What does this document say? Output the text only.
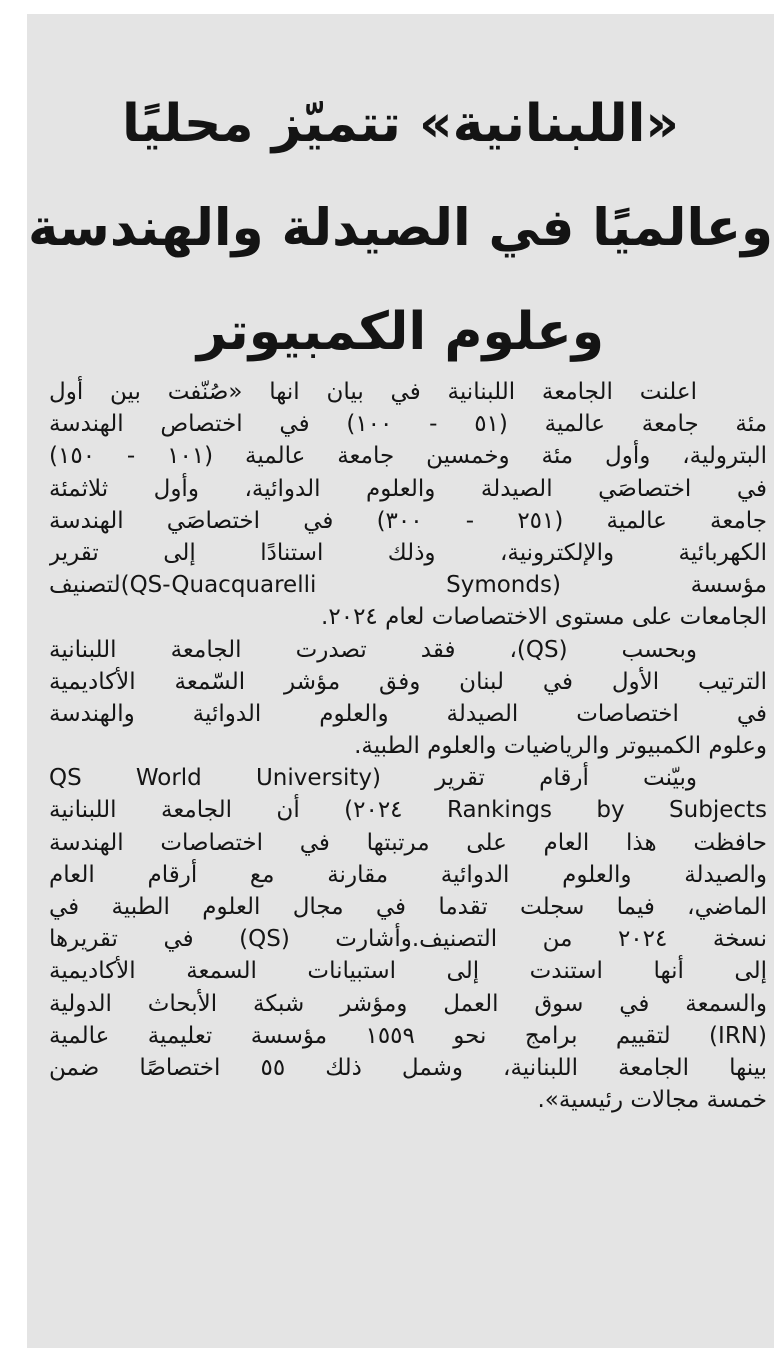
«اللبنانية» تتميّز محليًا
وعالميًا في الصيدلة والهندسة
وعلوم الكمبيوتر
اعلنت الجامعة اللبنانية في بيان انها «صُنّفت بين أول
مئة جامعة عالمية (٥١ - ١٠٠) في اختصاص الهندسة
البترولية، وأول مئة وخمسين جامعة عالمية (١٠١ - ١٥٠)
في اختصاصَي الصيدلة والعلوم الدوائية، وأول ثلاثمئة
جامعة عالمية (٢٥١ - ٣٠٠) في اختصاصَي الهندسة
الكهربائية والإلكترونية، وذلك استنادًا إلى تقرير
مؤسسة (QS-Quacquarelli Symonds)لتصنيف
الجامعات على مستوى الاختصاصات لعام ٢٠٢٤.
وبحسب (QS)، فقد تصدرت الجامعة اللبنانية
الترتيب الأول في لبنان وفق مؤشر السّمعة الأكاديمية
في اختصاصات الصيدلة والعلوم الدوائية والهندسة
وعلوم الكمبيوتر والرياضيات والعلوم الطبية.
وبيّنت أرقام تقرير (QS World University
Rankings by Subjects ٢٠٢٤) أن الجامعة اللبنانية
حافظت هذا العام على مرتبتها في اختصاصات الهندسة
والصيدلة والعلوم الدوائية مقارنة مع أرقام العام
الماضي، فيما سجلت تقدما في مجال العلوم الطبية في
نسخة ٢٠٢٤ من التصنيف.وأشارت (QS) في تقريرها
إلى أنها استندت إلى استبيانات السمعة الأكاديمية
والسمعة في سوق العمل ومؤشر شبكة الأبحاث الدولية
(IRN) لتقييم برامج نحو ١٥٥٩ مؤسسة تعليمية عالمية
بينها الجامعة اللبنانية، وشمل ذلك ٥٥ اختصاصًا ضمن
خمسة مجالات رئيسية».
